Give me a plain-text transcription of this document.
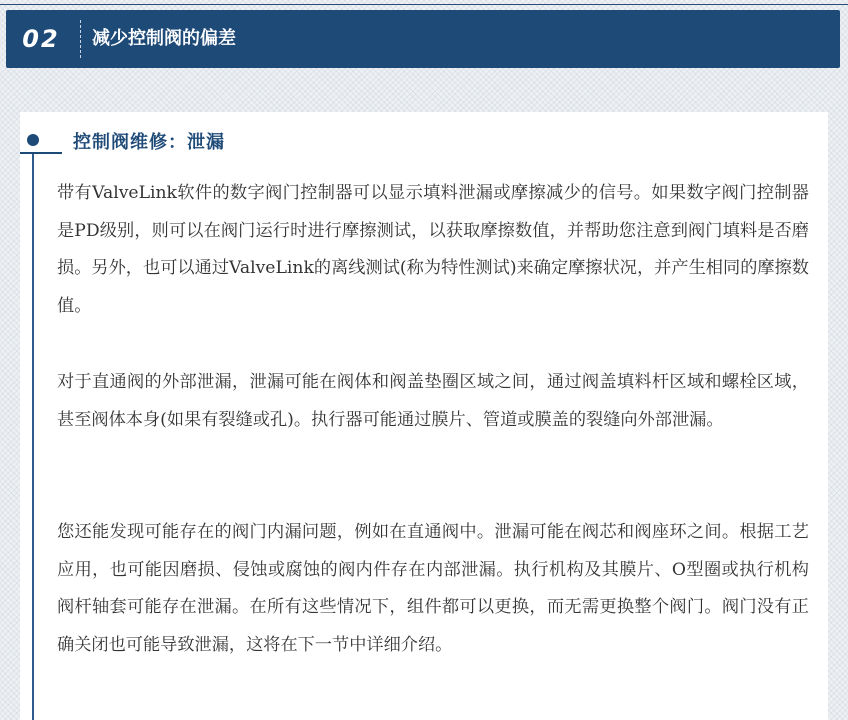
02	减少控制阀的偏差
控制阀维修：泄漏

带有ValveLink软件的数字阀门控制器可以显示填料泄漏或摩擦减少的信号。如果数字阀门控制器是PD级别，则可以在阀门运行时进行摩擦测试，以获取摩擦数值，并帮助您注意到阀门填料是否磨损。另外，也可以通过ValveLink的离线测试(称为特性测试)来确定摩擦状况，并产生相同的摩擦数值。

对于直通阀的外部泄漏，泄漏可能在阀体和阀盖垫圈区域之间，通过阀盖填料杆区域和螺栓区域，甚至阀体本身(如果有裂缝或孔)。执行器可能通过膜片、管道或膜盖的裂缝向外部泄漏。

您还能发现可能存在的阀门内漏问题，例如在直通阀中。泄漏可能在阀芯和阀座环之间。根据工艺应用，也可能因磨损、侵蚀或腐蚀的阀内件存在内部泄漏。执行机构及其膜片、O型圈或执行机构阀杆轴套可能存在泄漏。在所有这些情况下，组件都可以更换，而无需更换整个阀门。阀门没有正确关闭也可能导致泄漏，这将在下一节中详细介绍。
